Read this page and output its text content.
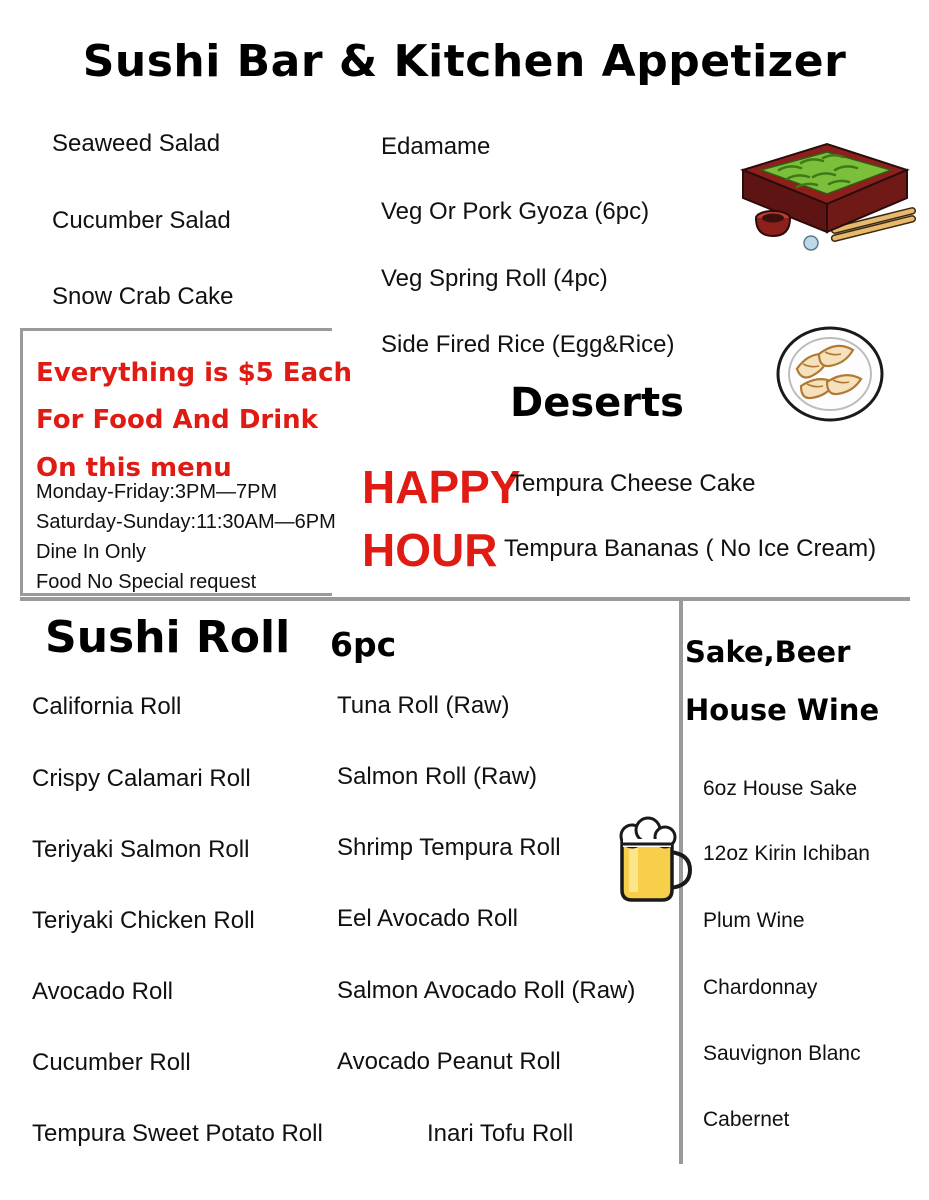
Sushi Bar & Kitchen Appetizer
Seaweed Salad
Cucumber Salad
Snow Crab Cake
Edamame
Veg Or Pork Gyoza (6pc)
Veg Spring Roll (4pc)
Side Fired Rice (Egg&Rice)
Everything is $5 Each
For Food And Drink
On this menu
Monday-Friday:3PM—7PM
Saturday-Sunday:11:30AM—6PM
Dine In Only
Food No Special request
HAPPY
HOUR
Deserts
Tempura Cheese Cake
Tempura Bananas ( No Ice Cream)
Sushi Roll 6pc
California Roll
Crispy Calamari Roll
Teriyaki Salmon Roll
Teriyaki Chicken Roll
Avocado Roll
Cucumber Roll
Tempura Sweet Potato Roll
Tuna Roll (Raw)
Salmon Roll (Raw)
Shrimp Tempura Roll
Eel Avocado Roll
Salmon Avocado Roll (Raw)
Avocado Peanut Roll
Inari Tofu Roll
Sake,Beer
House Wine
6oz House Sake
12oz Kirin Ichiban
Plum Wine
Chardonnay
Sauvignon Blanc
Cabernet
